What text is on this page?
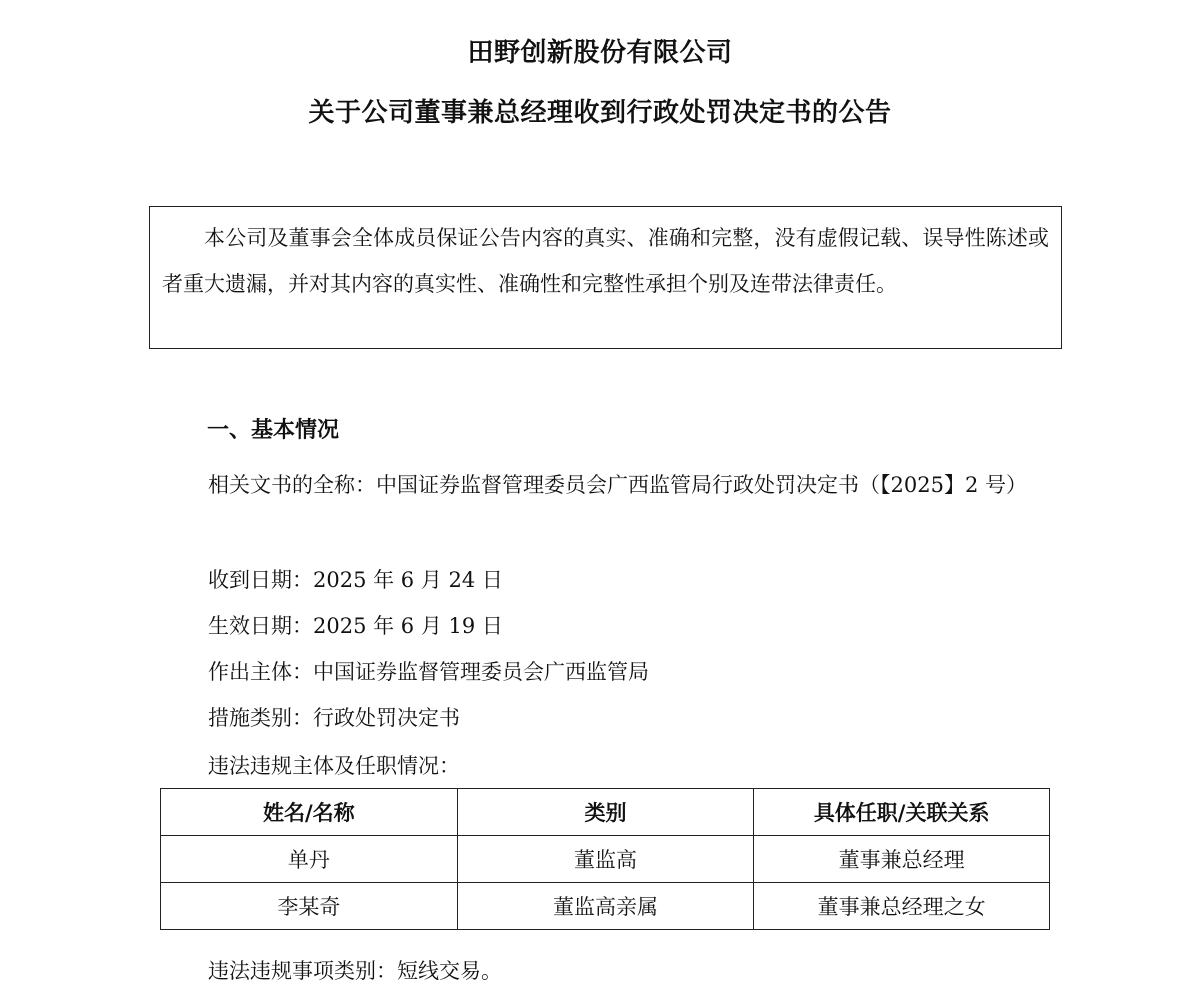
田野创新股份有限公司
关于公司董事兼总经理收到行政处罚决定书的公告
本公司及董事会全体成员保证公告内容的真实、准确和完整，没有虚假记载、误导性陈述或者重大遗漏，并对其内容的真实性、准确性和完整性承担个别及连带法律责任。
一、基本情况
相关文书的全称：中国证券监督管理委员会广西监管局行政处罚决定书（【2025】2 号）
收到日期：2025 年 6 月 24 日
生效日期：2025 年 6 月 19 日
作出主体：中国证券监督管理委员会广西监管局
措施类别：行政处罚决定书
违法违规主体及任职情况：
姓名/名称	类别	具体任职/关联关系
单丹	董监高	董事兼总经理
李某奇	董监高亲属	董事兼总经理之女
违法违规事项类别：短线交易。
